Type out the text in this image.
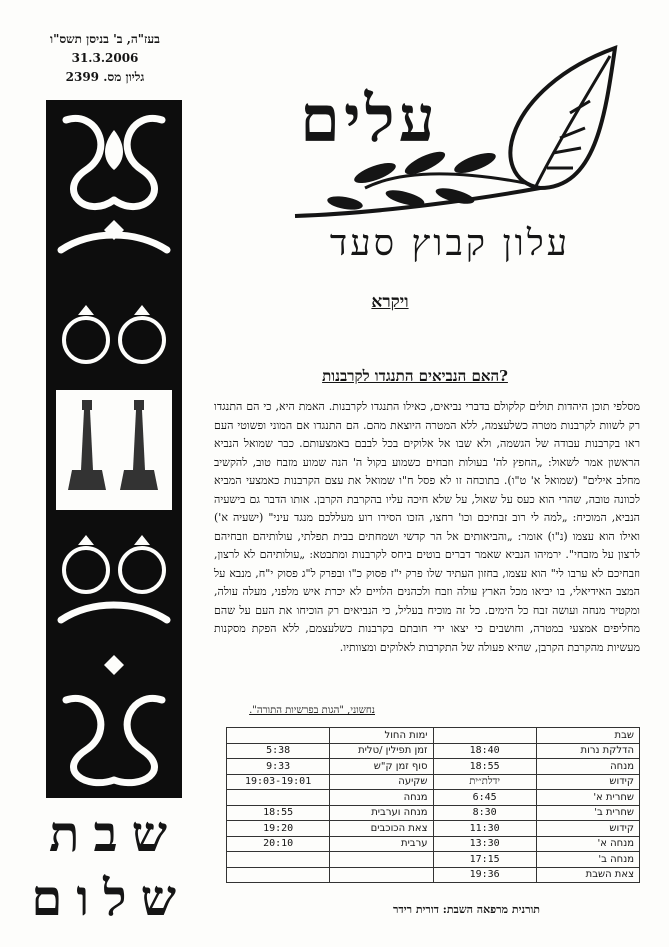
בעז"ה, ב' בניסן תשס"ו
31.3.2006
גליון מס. 2399
שבת
שלום
עלים
עלון קבוץ סעד
ויקרא
?האם הנביאים התנגדו לקרבנות

מסלפי תוכן היהדות תולים קלקולם בדברי נביאים, כאילו התנגדו לקרבנות. האמת היא, כי הם התנגדו רק לשוות לקרבנות מטרה כשלעצמה, ללא המטרה היוצאת מהם. הם התנגדו אם המוני ופשוטי העם ראו בקרבנות עבודה של הגשמה, ולא שבו אל אלוקים בכל לבבם באמצעותם. כבר שמואל הנביא הראשון אמר לשאול: „החפץ לה' בעולות וזבחים כשמוע בקול ה' הנה שמוע מזבח טוב, להקשיב מחלב אילים" (שמואל א' ט"ו). בתוכחה זו לא פסל ח"ו שמואל את עצם הקרבנות כאמצעי המביא לכוונה טובה, שהרי הוא כעס על שאול, על שלא חיכה עליו בהקרבת הקרבן. אותו הדבר גם בישעיה הנביא, המוכיח: „למה לי רוב זבחיכם וכו' רחצו, הזכו הסירו רוע מעללכם מנגד עיני" (ישעיה א') ואילו הוא עצמו (נ"ו) אומר: „והביאותים אל הר קדשי ושמחתים בבית תפלתי, עולותיהם וזבחיהם לרצון על מזבחי". ירמיהו הנביא שאמר דברים בוטים ביחס לקרבנות ומתבטא: „עולותיהם לא לרצון, וזבחיכם לא ערבו לי" הוא עצמו, בחזון העתיד שלו פרק י"ז פסוק כ"ו ובפרק ל"ג פסוק י"ח, מנבא על המצב האידיאלי, בו יביאו מכל הארץ עולה וזבח ולכהנים הלויים לא יכרת איש מלפני, מעלה עולה, ומקטיר מנחה ועושה זבח כל הימים. כל זה מוכיח בעליל, כי הנביאים רק הוכיחו את העם על שהם מחליפים אמצעי במטרה, וחושבים כי יצאו ידי חובתם בקרבנות כשלעצמם, ללא הפקת מסקנות מעשיות מהקרבת הקרבן, שהיא פעולה של התקרבות לאלוקים ומצוותיו.

נחשוני, "הגות בפרשיות התורה".
שבת		ימות החול	
הדלקת נרות	18:40	זמן תפילין /טלית	5:38
מנחה	18:55	סוף זמן ק"ש	9:33
קידוש	ידלת״ית	שקיעה	19:03-19:01
שחרית א'	6:45	מנחה	
שחרית ב'	8:30	מנחה וערבית	18:55
קידוש	11:30	צאת הכוכבים	19:20
מנחה א'	13:30	ערבית	20:10
מנחה ב'	17:15		
צאת השבת	19:36		
תורנית מרפאה השבת: דורית רידר
